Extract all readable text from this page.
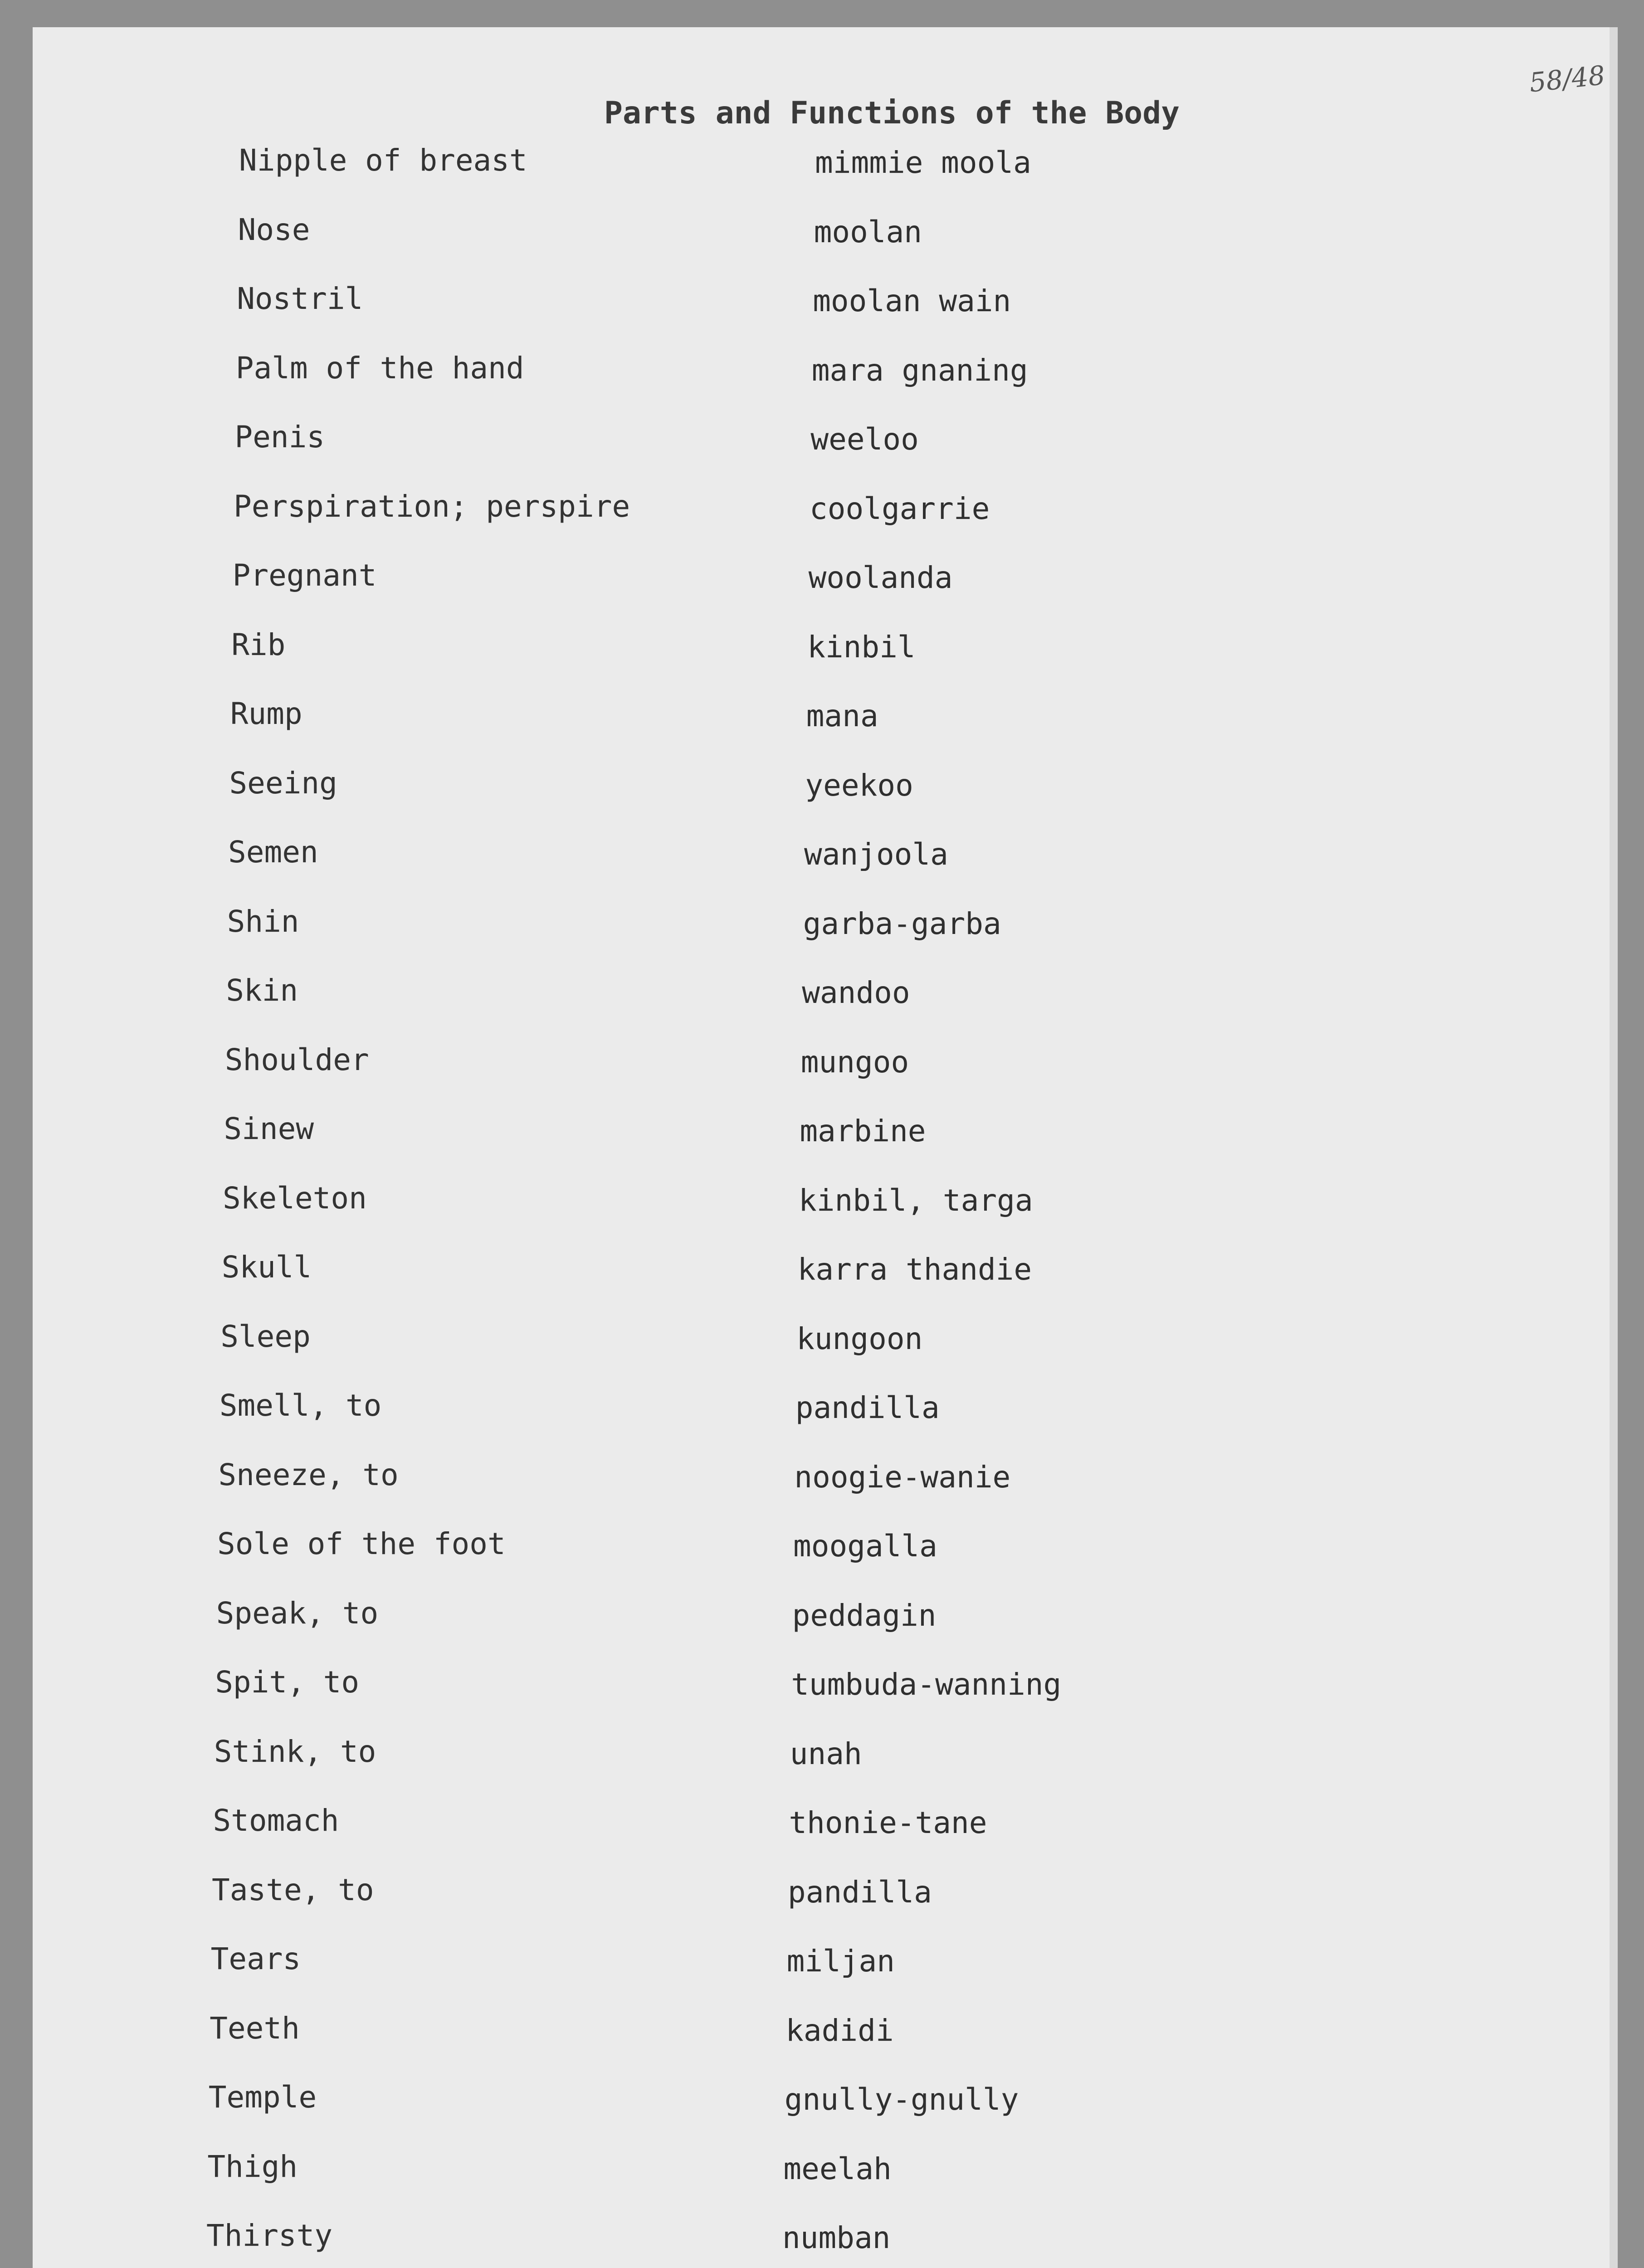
58/48
Parts and Functions of the Body
Nipple of breast	mimmie moola
Nose	moolan
Nostril	moolan wain
Palm of the hand	mara gnaning
Penis	weeloo
Perspiration; perspire	coolgarrie
Pregnant	woolanda
Rib	kinbil
Rump	mana
Seeing	yeekoo
Semen	wanjoola
Shin	garba-garba
Skin	wandoo
Shoulder	mungoo
Sinew	marbine
Skeleton	kinbil, targa
Skull	karra thandie
Sleep	kungoon
Smell, to	pandilla
Sneeze, to	noogie-wanie
Sole of the foot	moogalla
Speak, to	peddagin
Spit, to	tumbuda-wanning
Stink, to	unah
Stomach	thonie-tane
Taste, to	pandilla
Tears	miljan
Teeth	kadidi
Temple	gnully-gnully
Thigh	meelah
Thirsty	numban
